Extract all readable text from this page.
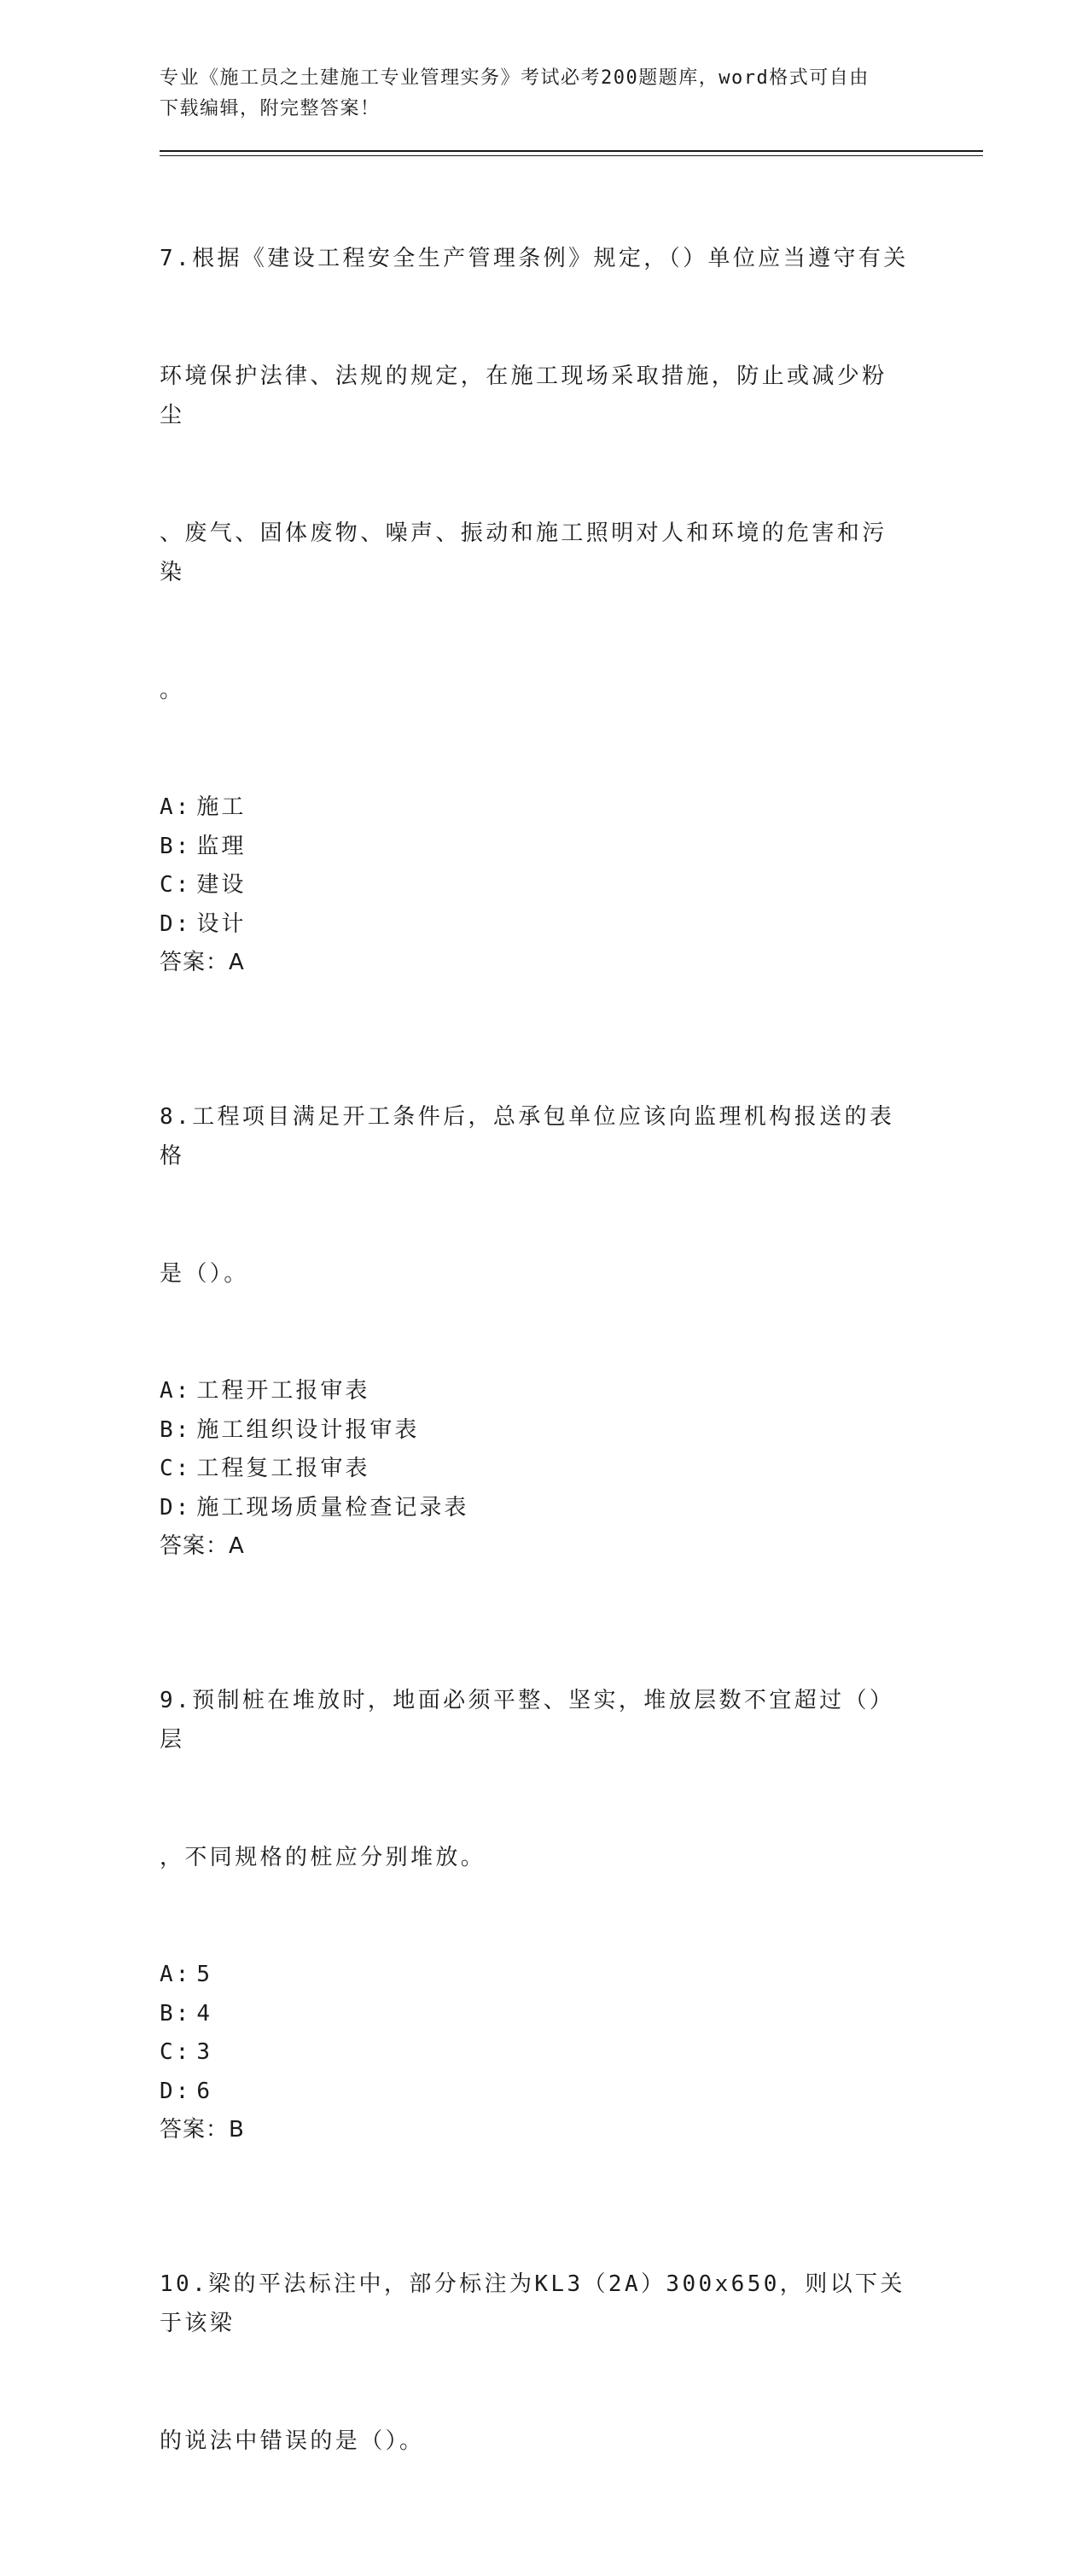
专业《施工员之土建施工专业管理实务》考试必考200题题库，word格式可自由
下载编辑，附完整答案！

7.根据《建设工程安全生产管理条例》规定，（）单位应当遵守有关

环境保护法律、法规的规定，在施工现场采取措施，防止或减少粉尘

、废气、固体废物、噪声、振动和施工照明对人和环境的危害和污染

。

A: 施工
B: 监理
C: 建设
D: 设计
答案：A

8.工程项目满足开工条件后，总承包单位应该向监理机构报送的表格

是（）。

A: 工程开工报审表
B: 施工组织设计报审表
C: 工程复工报审表
D: 施工现场质量检查记录表
答案：A

9.预制桩在堆放时，地面必须平整、坚实，堆放层数不宜超过（）层

，不同规格的桩应分别堆放。

A: 5
B: 4
C: 3
D: 6
答案：B

10.梁的平法标注中，部分标注为KL3（2A）300x650，则以下关于该梁

的说法中错误的是（）。
